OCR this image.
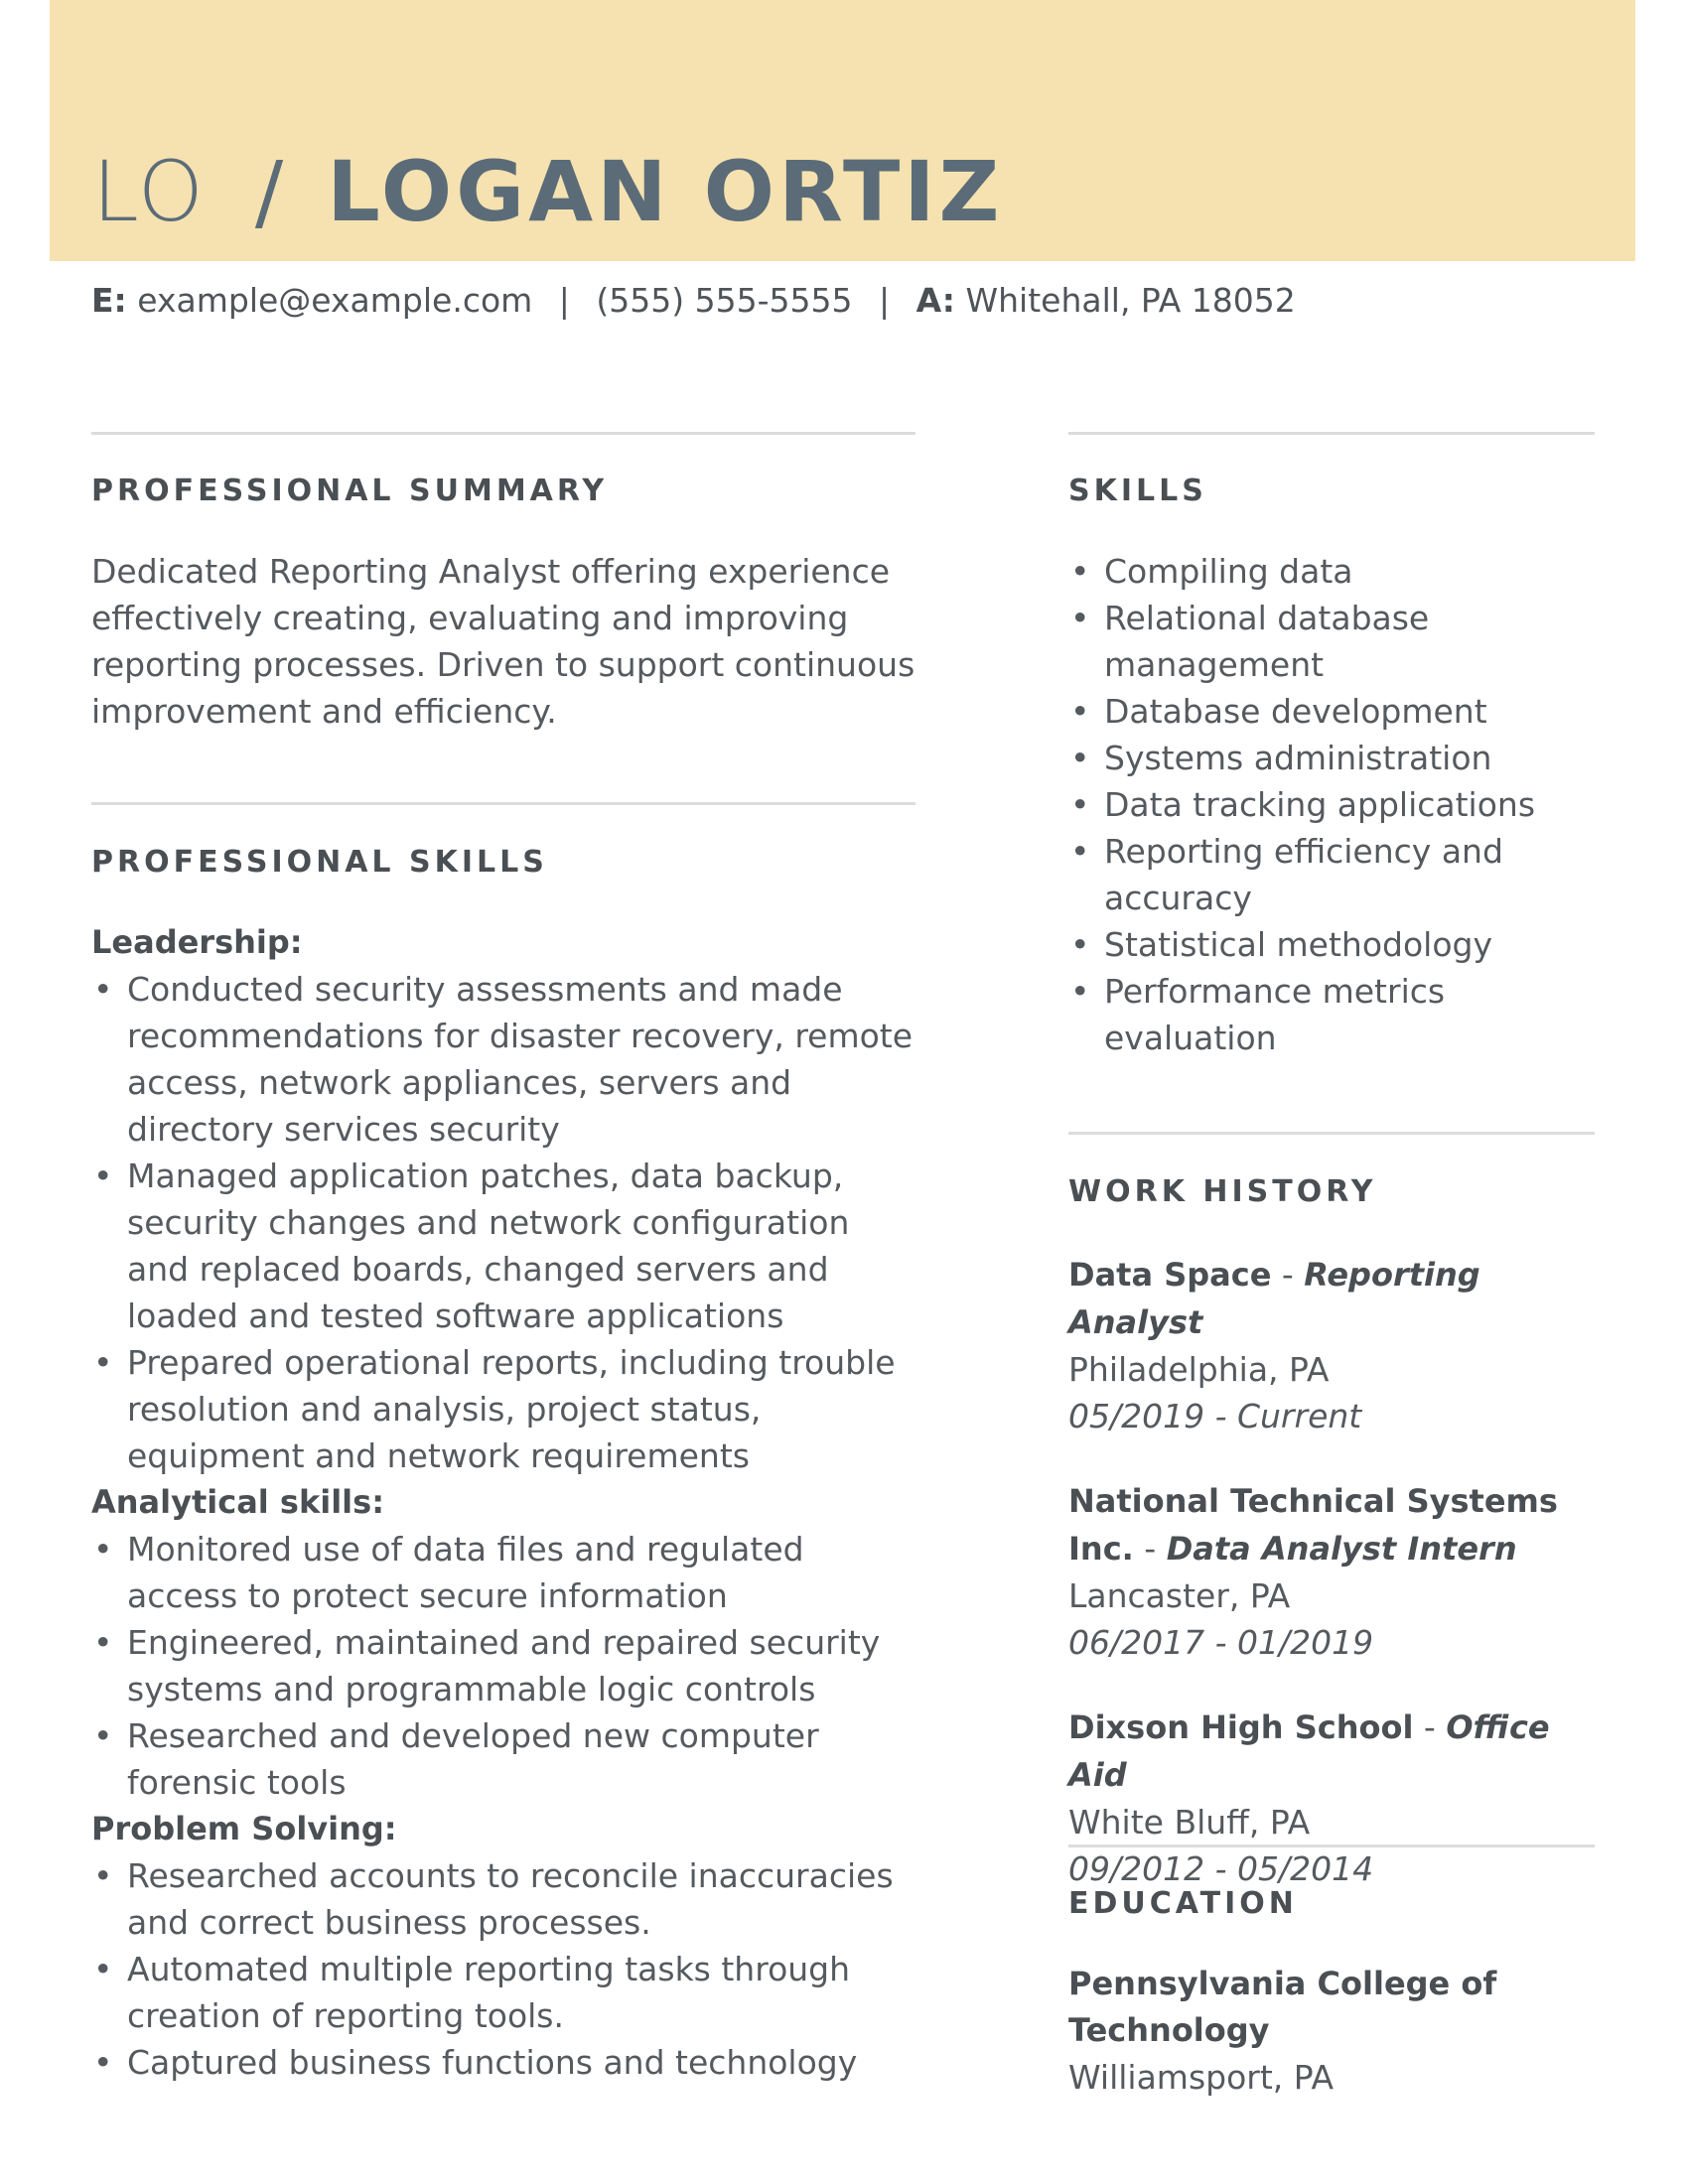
LO / LOGAN ORTIZ
E: example@example.com | (555) 555-5555 | A: Whitehall, PA 18052
PROFESSIONAL SUMMARY

Dedicated Reporting Analyst offering experience effectively creating, evaluating and improving reporting processes. Driven to support continuous improvement and efficiency.

PROFESSIONAL SKILLS
Leadership:
• Conducted security assessments and made recommendations for disaster recovery, remote access, network appliances, servers and directory services security
• Managed application patches, data backup, security changes and network configuration and replaced boards, changed servers and loaded and tested software applications
• Prepared operational reports, including trouble resolution and analysis, project status, equipment and network requirements
Analytical skills:
• Monitored use of data files and regulated access to protect secure information
• Engineered, maintained and repaired security systems and programmable logic controls
• Researched and developed new computer forensic tools
Problem Solving:
• Researched accounts to reconcile inaccuracies and correct business processes.
• Automated multiple reporting tasks through creation of reporting tools.
• Captured business functions and technology
SKILLS
• Compiling data
• Relational database management
• Database development
• Systems administration
• Data tracking applications
• Reporting efficiency and accuracy
• Statistical methodology
• Performance metrics evaluation
WORK HISTORY
Data Space - Reporting Analyst
Philadelphia, PA
05/2019 - Current
National Technical Systems Inc. - Data Analyst Intern
Lancaster, PA
06/2017 - 01/2019
Dixson High School - Office Aid
White Bluff, PA
09/2012 - 05/2014
EDUCATION
Pennsylvania College of Technology
Williamsport, PA
